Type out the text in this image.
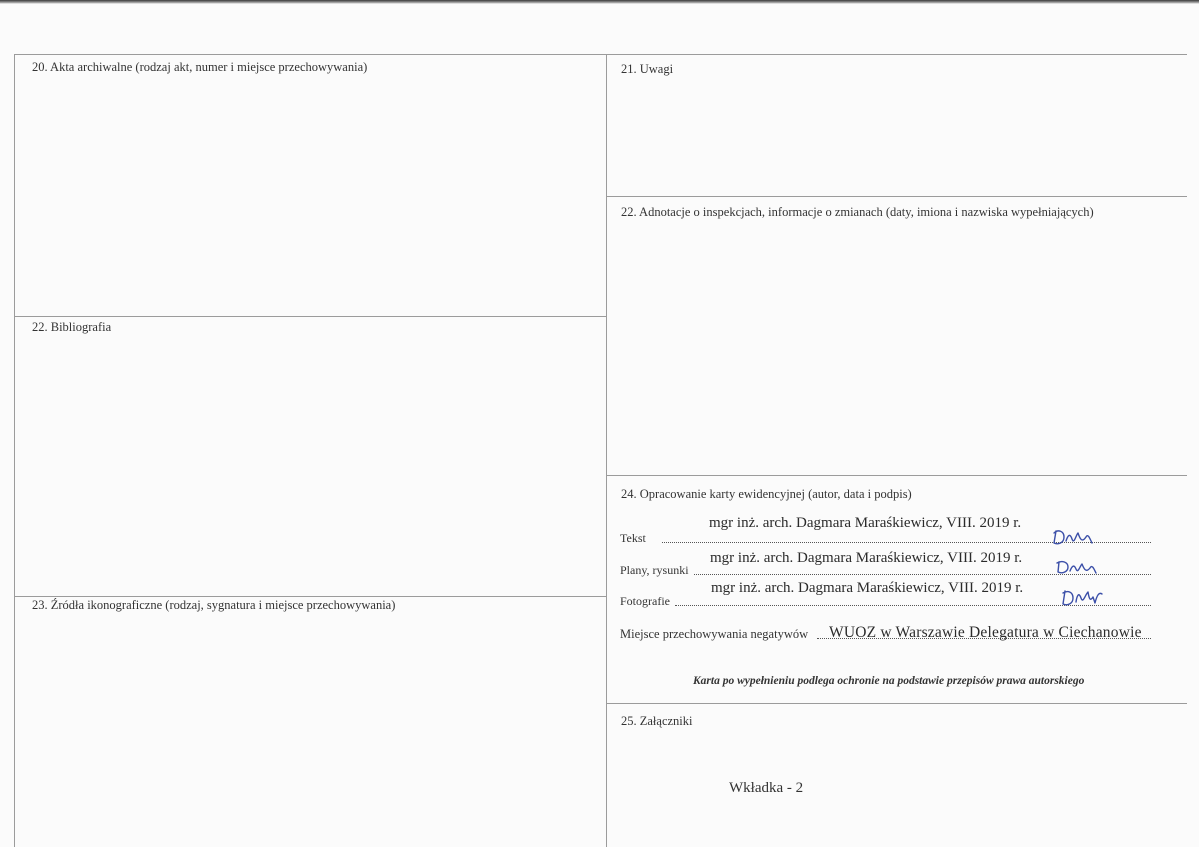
20. Akta archiwalne (rodzaj akt, numer i miejsce przechowywania)	21. Uwagi
22. Adnotacje o inspekcjach, informacje o zmianach (daty, imiona i nazwiska wypełniających)
22. Bibliografia
23. Źródła ikonograficzne (rodzaj, sygnatura i miejsce przechowywania)
24. Opracowanie karty ewidencyjnej (autor, data i podpis)
25. Załączniki
Tekst
mgr inż. arch. Dagmara Maraśkiewicz, VIII. 2019 r.
Plany, rysunki
mgr inż. arch. Dagmara Maraśkiewicz, VIII. 2019 r.
Fotografie
mgr inż. arch. Dagmara Maraśkiewicz, VIII. 2019 r.
Miejsce przechowywania negatywów WUOZ w Warszawie Delegatura w Ciechanowie
Karta po wypełnieniu podlega ochronie na podstawie przepisów prawa autorskiego
Wkładka - 2
